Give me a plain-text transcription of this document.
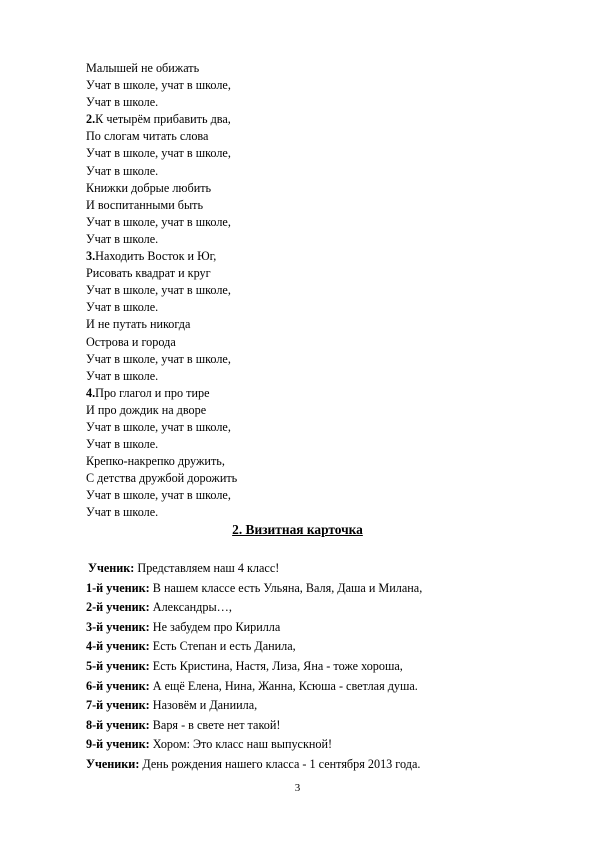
Малышей не обижать
Учат в школе, учат в школе,
Учат в школе.
2.К четырём прибавить два,
По слогам читать слова
Учат в школе, учат в школе,
Учат в школе.
Книжки добрые любить
И воспитанными быть
Учат в школе, учат в школе,
Учат в школе.
3.Находить Восток и Юг,
Рисовать квадрат и круг
Учат в школе, учат в школе,
Учат в школе.
И не путать никогда
Острова и города
Учат в школе, учат в школе,
Учат в школе.
4.Про глагол и про тире
И про дождик на дворе
Учат в школе, учат в школе,
Учат в школе.
Крепко-накрепко дружить,
С детства дружбой дорожить
Учат в школе, учат в школе,
Учат в школе.
2. Визитная карточка
Ученик: Представляем наш 4 класс!
1-й ученик: В нашем классе есть Ульяна, Валя, Даша и Милана,
2-й ученик: Александры…,
3-й ученик: Не забудем про Кирилла
4-й ученик: Есть Степан и есть Данила,
5-й ученик: Есть Кристина, Настя, Лиза, Яна - тоже хороша,
6-й ученик: А ещё Елена, Нина, Жанна, Ксюша - светлая душа.
7-й ученик: Назовём и Даниила,
8-й ученик: Варя - в свете нет такой!
9-й ученик: Хором: Это класс наш выпускной!
Ученики: День рождения нашего класса - 1 сентября 2013 года.
3
